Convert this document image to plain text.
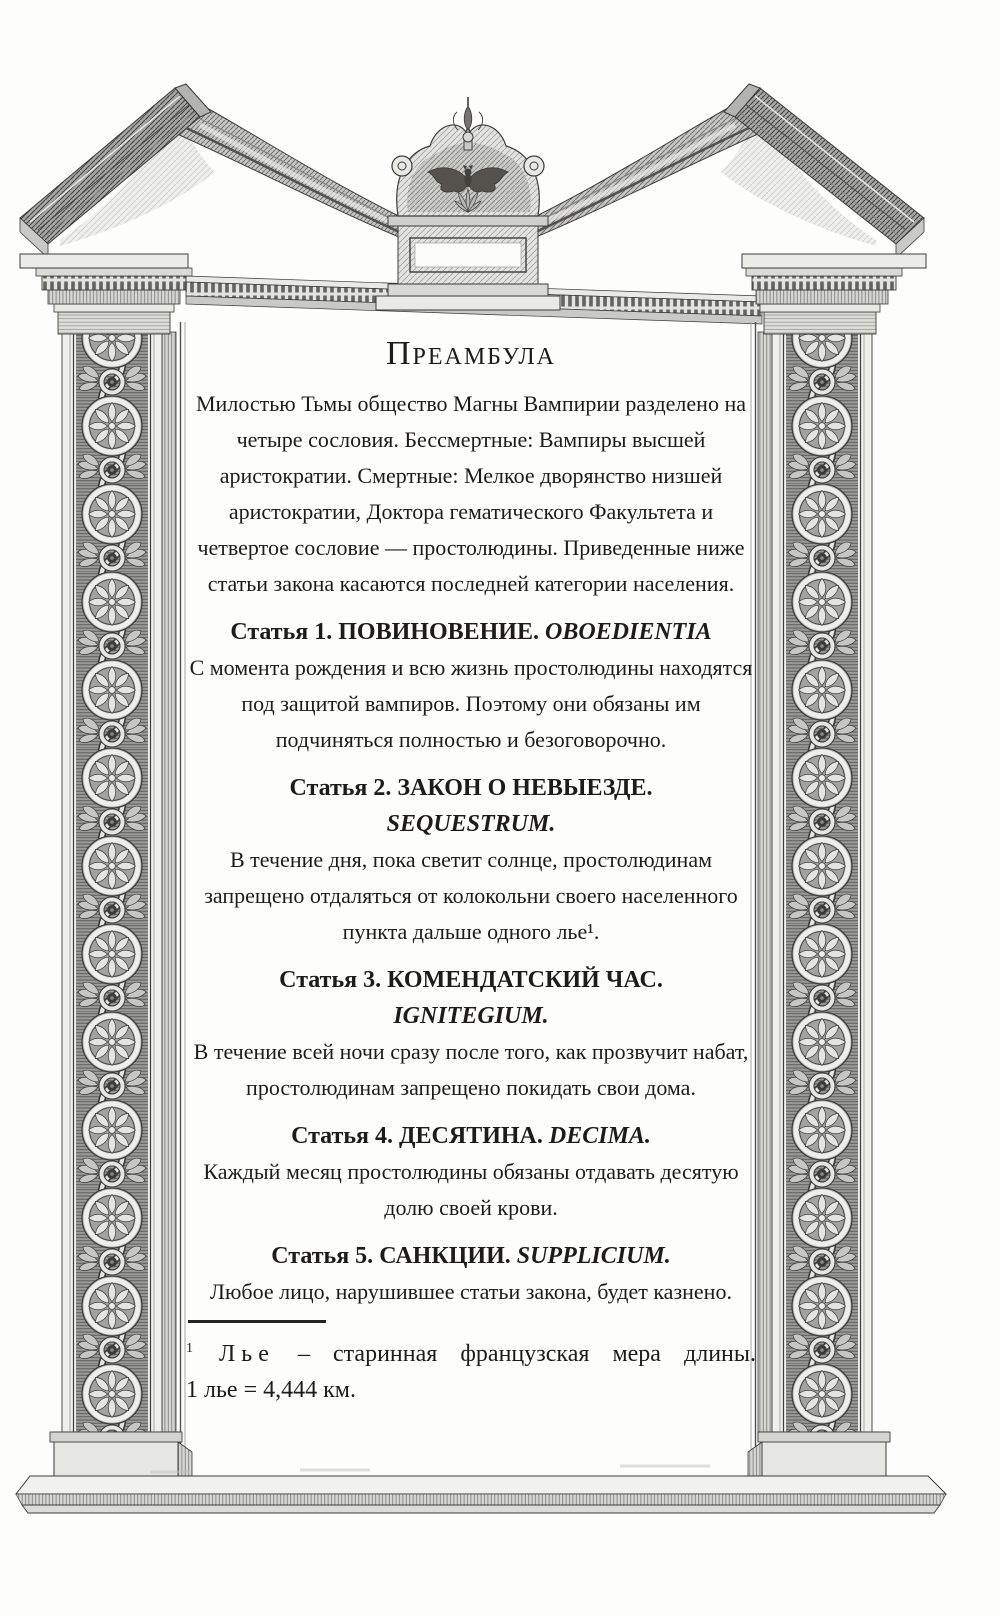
Преамбула

Милостью Тьмы общество Магны Вампирии разделено на четыре сословия. Бессмертные: Вампиры высшей аристократии. Смертные: Мелкое дворянство низшей аристократии, Доктора гематического Факультета и четвертое сословие — простолюдины. Приведенные ниже статьи закона касаются последней категории населения.

Статья 1. ПОВИНОВЕНИЕ. OBOEDIENTIA

С момента рождения и всю жизнь простолюдины находятся под защитой вампиров. Поэтому они обязаны им подчиняться полностью и безоговорочно.

Статья 2. ЗАКОН О НЕВЫЕЗДЕ.
SEQUESTRUM.

В течение дня, пока светит солнце, простолюдинам запрещено отдаляться от колокольни своего населенного пункта дальше одного лье¹.

Статья 3. КОМЕНДАТСКИЙ ЧАС.
IGNITEGIUM.

В течение всей ночи сразу после того, как прозвучит набат, простолюдинам запрещено покидать свои дома.

Статья 4. ДЕСЯТИНА. DECIMA.

Каждый месяц простолюдины обязаны отдавать десятую долю своей крови.

Статья 5. САНКЦИИ. SUPPLICIUM.

Любое лицо, нарушившее статьи закона, будет казнено.

$^1$ Лье – старинная французская мера длины.
1 лье = 4,444 км.
